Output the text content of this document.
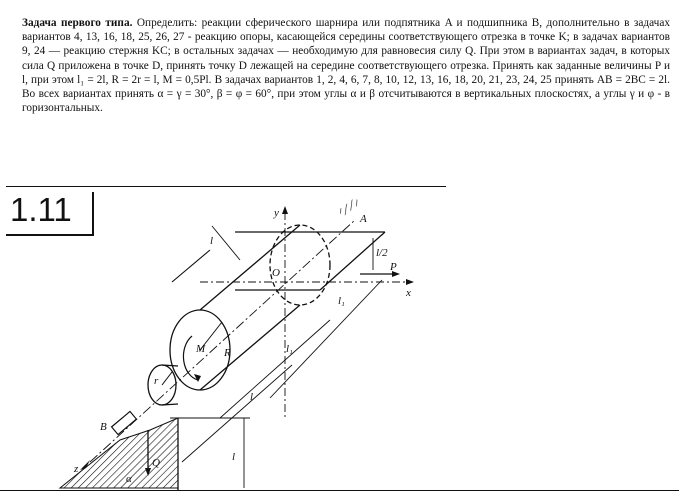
Задача первого типа. Определить: реакции сферического шарнира или подпятника A и подшипника B, дополнительно в задачах вариантов 4, 13, 16, 18, 25, 26, 27 - реакцию опоры, касающейся середины соответствующего отрезка в точке K; в задачах вариантов 9, 24 — реакцию стержня KC; в остальных задачах — необходимую для равновесия силу Q. При этом в вариантах задач, в которых сила Q приложена в точке D, принять точку D лежащей на середине соответствующего отрезка. Принять как заданные величины P и l, при этом l₁ = 2l, R = 2r = l, M = 0,5Pl. В задачах вариантов 1, 2, 4, 6, 7, 8, 10, 12, 13, 16, 18, 20, 21, 23, 24, 25 принять AB = 2BC = 2l. Во всех вариантах принять α = γ = 30°, β = φ = 60°, при этом углы α и β отсчитываются в вертикальных плоскостях, а углы γ и φ - в горизонтальных.

1.11	A
B
O	P
Q
M R
r
x
y
z
α
l
l/2
l₁
l₁
l
l
